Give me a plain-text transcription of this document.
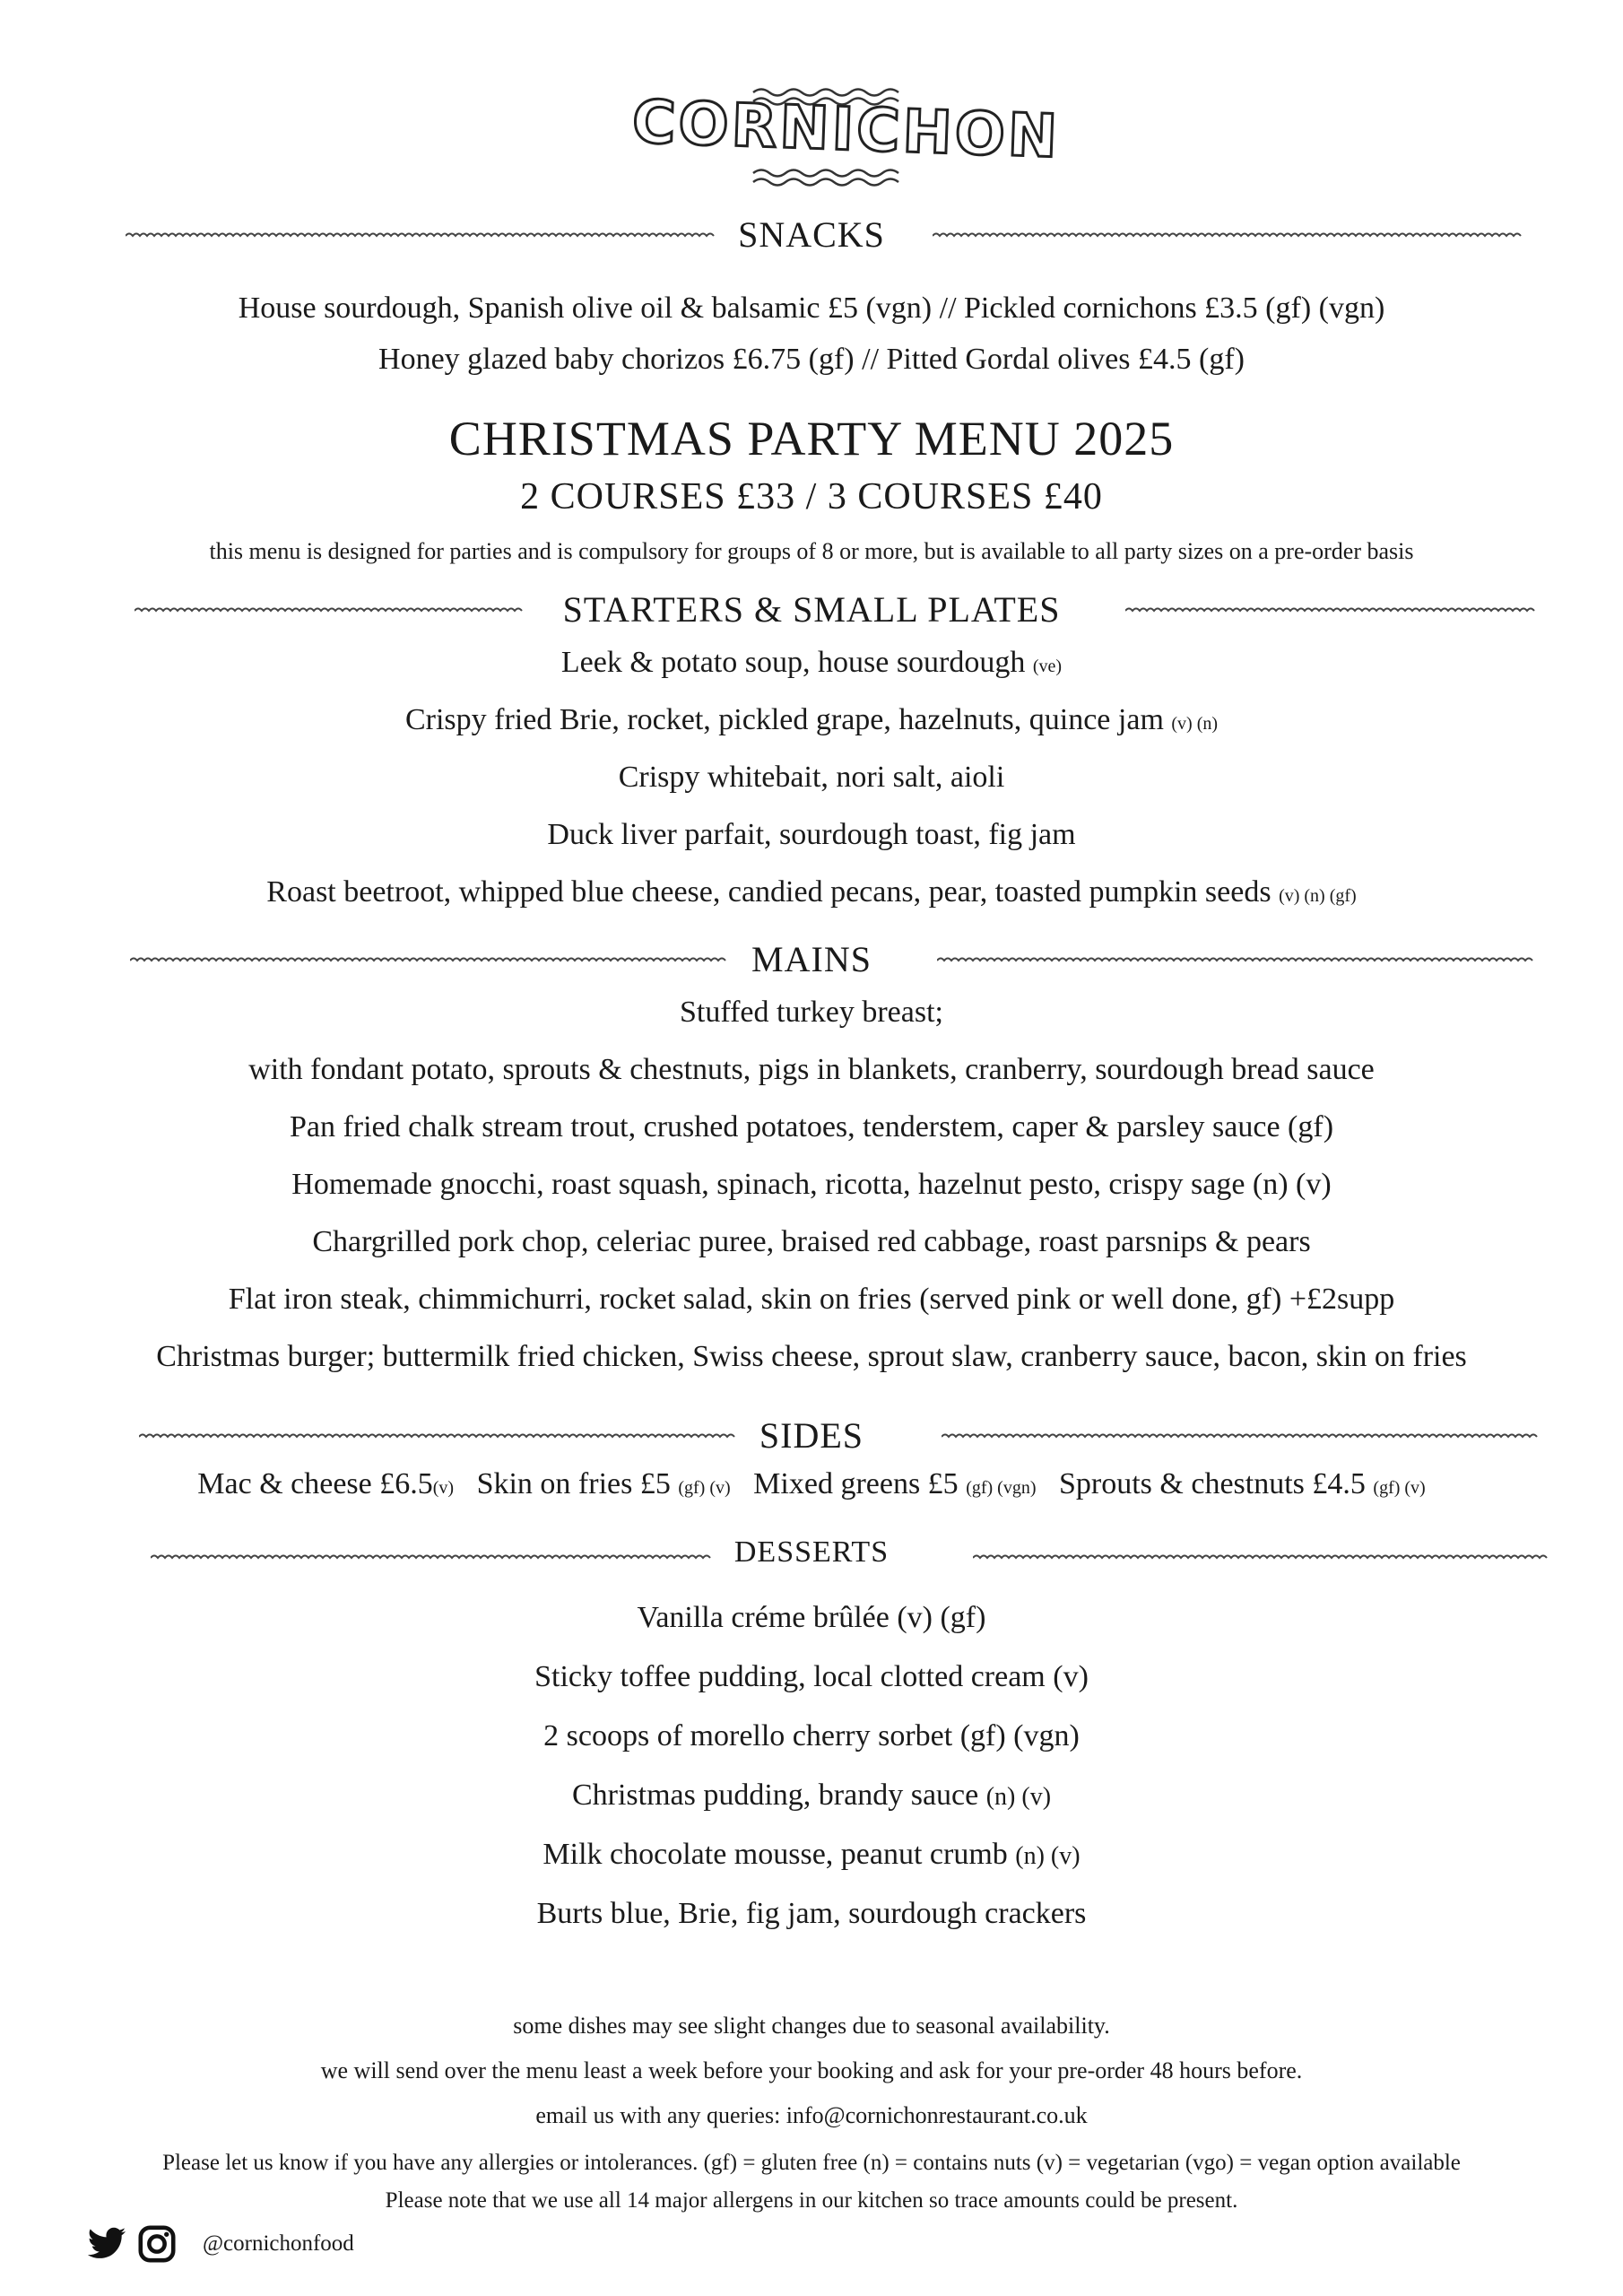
CORNICHON
SNACKS
House sourdough, Spanish olive oil & balsamic £5 (vgn) // Pickled cornichons £3.5 (gf) (vgn)
Honey glazed baby chorizos £6.75 (gf) // Pitted Gordal olives £4.5 (gf)
CHRISTMAS PARTY MENU 2025
2 COURSES £33 / 3 COURSES £40
this menu is designed for parties and is compulsory for groups of 8 or more, but is available to all party sizes on a pre-order basis
STARTERS & SMALL PLATES
Leek & potato soup, house sourdough (ve)
Crispy fried Brie, rocket, pickled grape, hazelnuts, quince jam (v) (n)
Crispy whitebait, nori salt, aioli
Duck liver parfait, sourdough toast, fig jam
Roast beetroot, whipped blue cheese, candied pecans, pear, toasted pumpkin seeds (v) (n) (gf)
MAINS
Stuffed turkey breast;
with fondant potato, sprouts & chestnuts, pigs in blankets, cranberry, sourdough bread sauce
Pan fried chalk stream trout, crushed potatoes, tenderstem, caper & parsley sauce (gf)
Homemade gnocchi, roast squash, spinach, ricotta, hazelnut pesto, crispy sage (n) (v)
Chargrilled pork chop, celeriac puree, braised red cabbage, roast parsnips & pears
Flat iron steak, chimmichurri, rocket salad, skin on fries (served pink or well done, gf) +£2supp
Christmas burger; buttermilk fried chicken, Swiss cheese, sprout slaw, cranberry sauce, bacon, skin on fries
SIDES
Mac & cheese £6.5(v) Skin on fries £5 (gf) (v) Mixed greens £5 (gf) (vgn) Sprouts & chestnuts £4.5 (gf) (v)
DESSERTS
Vanilla créme brûlée (v) (gf)
Sticky toffee pudding, local clotted cream (v)
2 scoops of morello cherry sorbet (gf) (vgn)
Christmas pudding, brandy sauce (n) (v)
Milk chocolate mousse, peanut crumb (n) (v)
Burts blue, Brie, fig jam, sourdough crackers
some dishes may see slight changes due to seasonal availability.
we will send over the menu least a week before your booking and ask for your pre-order 48 hours before.
email us with any queries: info@cornichonrestaurant.co.uk
Please let us know if you have any allergies or intolerances. (gf) = gluten free (n) = contains nuts (v) = vegetarian (vgo) = vegan option available
Please note that we use all 14 major allergens in our kitchen so trace amounts could be present.
@cornichonfood
